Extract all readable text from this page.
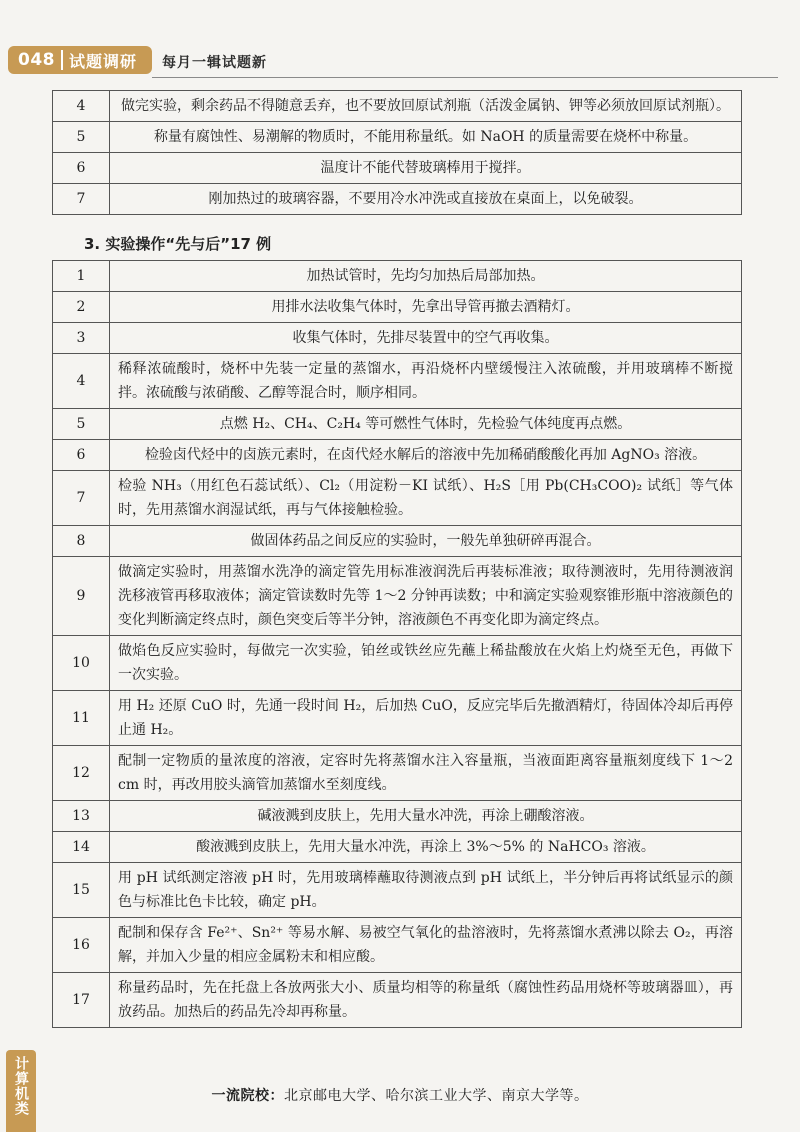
048 试题调研 每月一辑试题新
4	做完实验，剩余药品不得随意丢弃，也不要放回原试剂瓶（活泼金属钠、钾等必须放回原试剂瓶）。
5	称量有腐蚀性、易潮解的物质时，不能用称量纸。如 NaOH 的质量需要在烧杯中称量。
6	温度计不能代替玻璃棒用于搅拌。
7	刚加热过的玻璃容器，不要用冷水冲洗或直接放在桌面上，以免破裂。
3. 实验操作“先与后”17 例
1	加热试管时，先均匀加热后局部加热。
2	用排水法收集气体时，先拿出导管再撤去酒精灯。
3	收集气体时，先排尽装置中的空气再收集。
4	稀释浓硫酸时，烧杯中先装一定量的蒸馏水，再沿烧杯内壁缓慢注入浓硫酸，并用玻璃棒不断搅拌。浓硫酸与浓硝酸、乙醇等混合时，顺序相同。
5	点燃 H₂、CH₄、C₂H₄ 等可燃性气体时，先检验气体纯度再点燃。
6	检验卤代烃中的卤族元素时，在卤代烃水解后的溶液中先加稀硝酸酸化再加 AgNO₃ 溶液。
7	检验 NH₃（用红色石蕊试纸）、Cl₂（用淀粉－KI 试纸）、H₂S［用 Pb(CH₃COO)₂ 试纸］等气体时，先用蒸馏水润湿试纸，再与气体接触检验。
8	做固体药品之间反应的实验时，一般先单独研碎再混合。
9	做滴定实验时，用蒸馏水洗净的滴定管先用标准液润洗后再装标准液；取待测液时，先用待测液润洗移液管再移取液体；滴定管读数时先等 1～2 分钟再读数；中和滴定实验观察锥形瓶中溶液颜色的变化判断滴定终点时，颜色突变后等半分钟，溶液颜色不再变化即为滴定终点。
10	做焰色反应实验时，每做完一次实验，铂丝或铁丝应先蘸上稀盐酸放在火焰上灼烧至无色，再做下一次实验。
11	用 H₂ 还原 CuO 时，先通一段时间 H₂，后加热 CuO，反应完毕后先撤酒精灯，待固体冷却后再停止通 H₂。
12	配制一定物质的量浓度的溶液，定容时先将蒸馏水注入容量瓶，当液面距离容量瓶刻度线下 1～2 cm 时，再改用胶头滴管加蒸馏水至刻度线。
13	碱液溅到皮肤上，先用大量水冲洗，再涂上硼酸溶液。
14	酸液溅到皮肤上，先用大量水冲洗，再涂上 3%～5% 的 NaHCO₃ 溶液。
15	用 pH 试纸测定溶液 pH 时，先用玻璃棒蘸取待测液点到 pH 试纸上，半分钟后再将试纸显示的颜色与标准比色卡比较，确定 pH。
16	配制和保存含 Fe²⁺、Sn²⁺ 等易水解、易被空气氧化的盐溶液时，先将蒸馏水煮沸以除去 O₂，再溶解，并加入少量的相应金属粉末和相应酸。
17	称量药品时，先在托盘上各放两张大小、质量均相等的称量纸（腐蚀性药品用烧杯等玻璃器皿），再放药品。加热后的药品先冷却再称量。
一流院校：北京邮电大学、哈尔滨工业大学、南京大学等。
计算机类
